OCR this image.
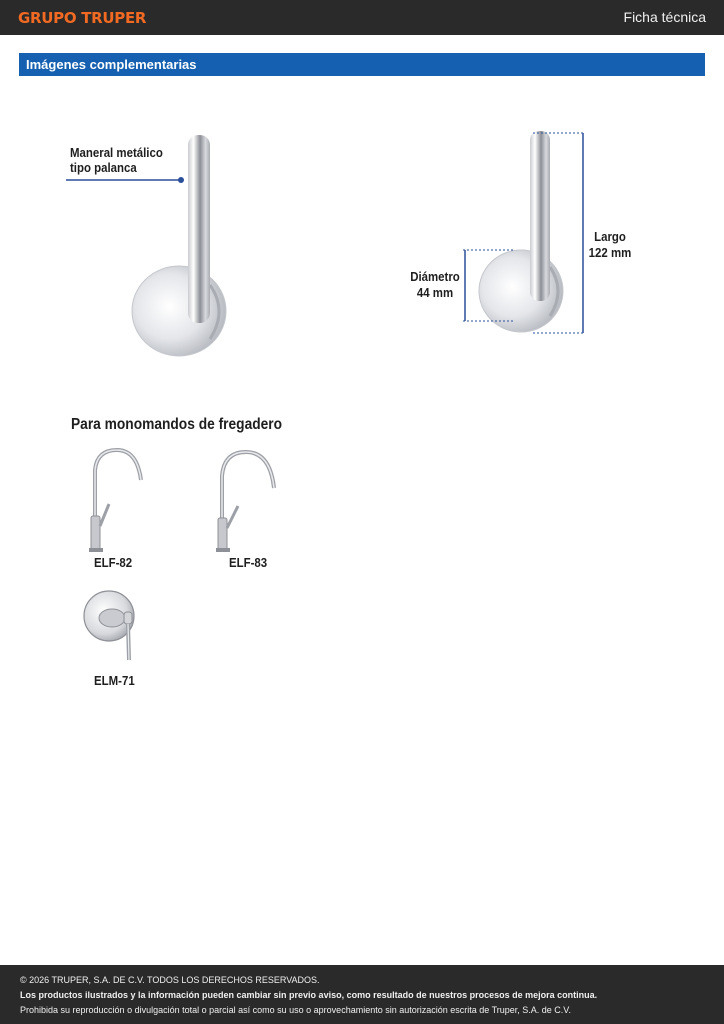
GRUPO TRUPER	Ficha técnica
Imágenes complementarias
Maneral metálico
tipo palanca
Diámetro
44 mm
Largo
122 mm
Para monomandos de fregadero
ELF-82	ELF-83
ELM-71
© 2026 TRUPER, S.A. DE C.V. TODOS LOS DERECHOS RESERVADOS.
Los productos ilustrados y la información pueden cambiar sin previo aviso, como resultado de nuestros procesos de mejora continua.
Prohibida su reproducción o divulgación total o parcial así como su uso o aprovechamiento sin autorización escrita de Truper, S.A. de C.V.
